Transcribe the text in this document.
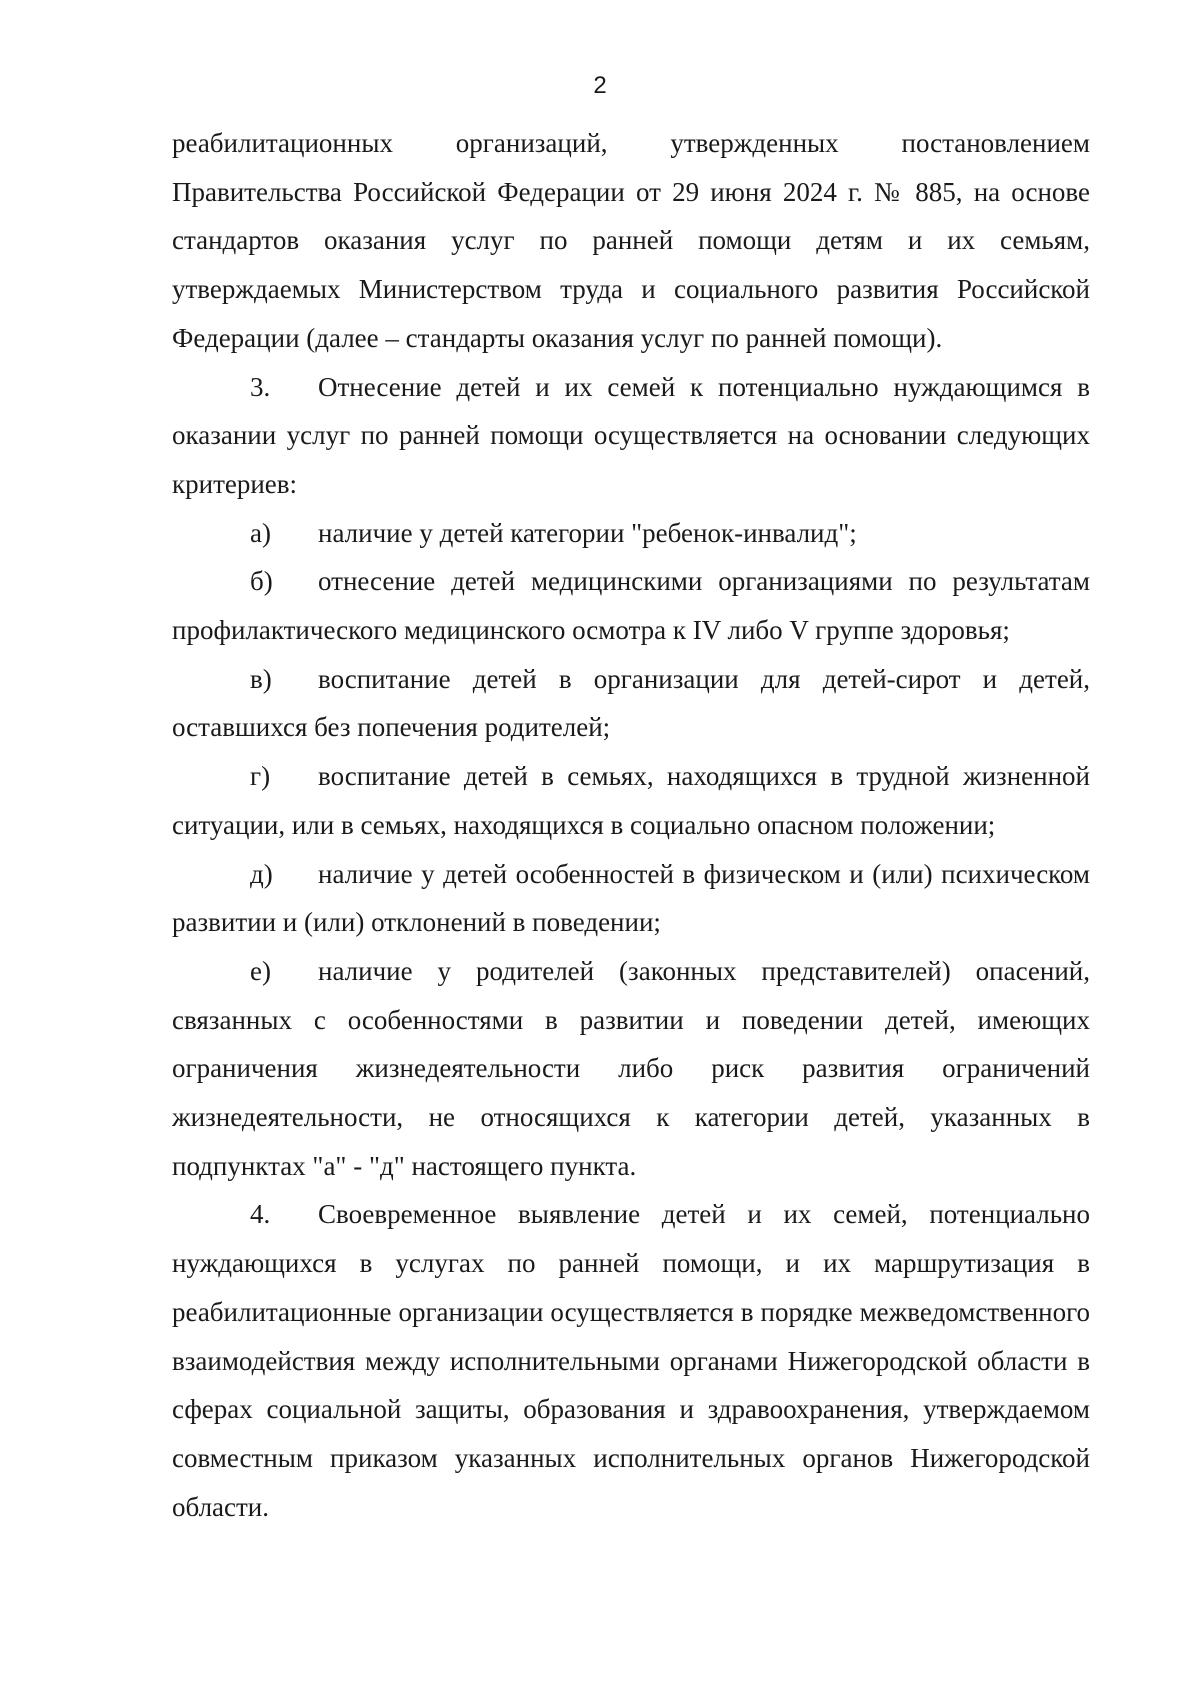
2

реабилитационных организаций, утвержденных постановлением Правительства Российской Федерации от 29 июня 2024 г. № 885, на основе стандартов оказания услуг по ранней помощи детям и их семьям, утверждаемых Министерством труда и социального развития Российской Федерации (далее – стандарты оказания услуг по ранней помощи).

3. Отнесение детей и их семей к потенциально нуждающимся в оказании услуг по ранней помощи осуществляется на основании следующих критериев:

а) наличие у детей категории "ребенок-инвалид";

б) отнесение детей медицинскими организациями по результатам профилактического медицинского осмотра к IV либо V группе здоровья;

в) воспитание детей в организации для детей-сирот и детей, оставшихся без попечения родителей;

г) воспитание детей в семьях, находящихся в трудной жизненной ситуации, или в семьях, находящихся в социально опасном положении;

д) наличие у детей особенностей в физическом и (или) психическом развитии и (или) отклонений в поведении;

е) наличие у родителей (законных представителей) опасений, связанных с особенностями в развитии и поведении детей, имеющих ограничения жизнедеятельности либо риск развития ограничений жизнедеятельности, не относящихся к категории детей, указанных в подпунктах "а" - "д" настоящего пункта.

4. Своевременное выявление детей и их семей, потенциально нуждающихся в услугах по ранней помощи, и их маршрутизация в реабилитационные организации осуществляется в порядке межведомственного взаимодействия между исполнительными органами Нижегородской области в сферах социальной защиты, образования и здравоохранения, утверждаемом совместным приказом указанных исполнительных органов Нижегородской области.
